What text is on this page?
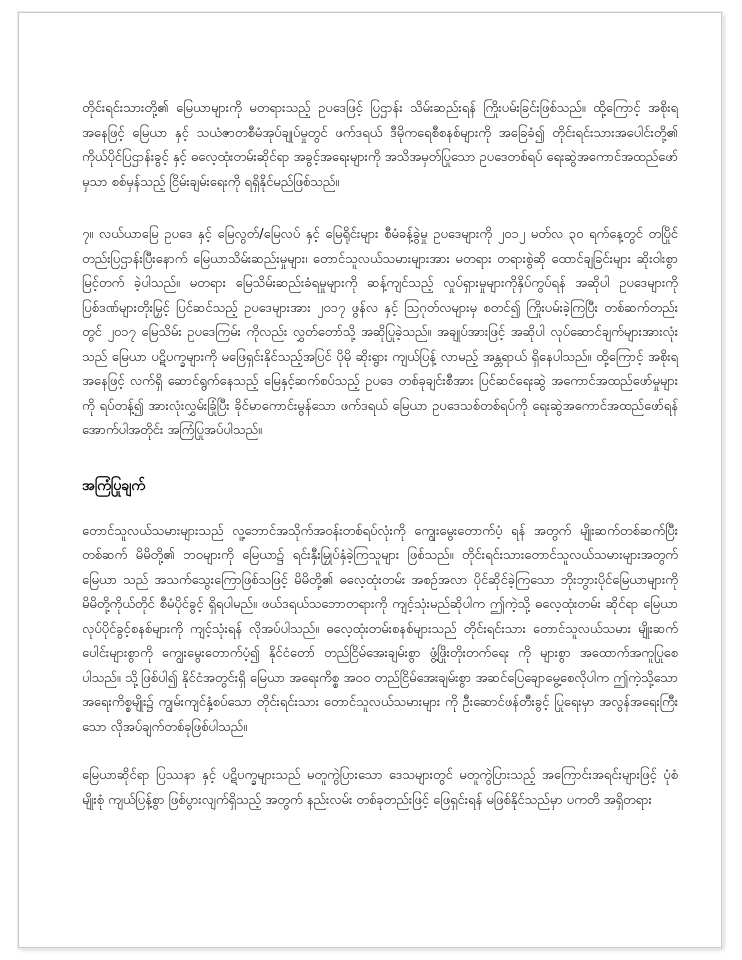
တိုင်းရင်းသားတို့၏ မြေယာများကို မတရားသည့် ဥပဒေဖြင့် ပြဌာန်း သိမ်းဆည်းရန် ကြိုးပမ်းခြင်းဖြစ်သည်။ ထို့ကြောင့် အစိုးရအနေဖြင့် မြေယာ နှင့် သယံဇာတစီမံအုပ်ချုပ်မှုတွင် ဖက်ဒရယ် ဒီမိုကရေစီစနစ်များကို အခြေခံ၍ တိုင်းရင်းသားအပေါင်းတို့၏ ကိုယ်ပိုင်ပြဌာန်းခွင့် နှင့် ဓလေ့ထုံးတမ်းဆိုင်ရာ အခွင့်အရေးများကို အသိအမှတ်ပြုသော ဥပဒေတစ်ရပ် ရေးဆွဲအကောင်အထည်ဖော်မှသာ စစ်မှန်သည့် ငြိမ်းချမ်းရေးကို ရရှိနိုင်မည်ဖြစ်သည်။

၇။ လယ်ယာမြေ ဥပဒေ နှင့် မြေလွတ်/မြေလပ် နှင့် မြေရိုင်းများ စီမံခန့်ခွဲမှု ဥပဒေများကို ၂၀၁၂ မတ်လ ၃၀ ရက်နေ့တွင် တပြိုင်တည်းပြဌာန်းပြီးနောက် မြေယာသိမ်းဆည်းမှုများ၊ တောင်သူလယ်သမားများအား မတရား တရားစွဲဆို ထောင်ချခြင်းများ ဆိုးဝါးစွာ မြင့်တက် ခဲ့ပါသည်။ မတရား မြေသိမ်းဆည်းခံရမှုများကို ဆန့်ကျင်သည့် လှုပ်ရှားမှုများကိုနှိပ်ကွပ်ရန် အဆိုပါ ဥပဒေများကို ပြစ်ဒဏ်များတိုးမြှင့် ပြင်ဆင်သည့် ဥပဒေများအား ၂၀၁၇ ဖွန်လ နှင့် သြဂုတ်လများမှ စတင်၍ ကြိုးပမ်းခဲ့ကြပြီး တစ်ဆက်တည်းတွင် ၂၀၁၇ မြေသိမ်း ဥပဒေကြမ်း ကိုလည်း လွှတ်တော်သို့ အဆိုပြုခဲ့သည်။ အချုပ်အားဖြင့် အဆိုပါ လုပ်ဆောင်ချက်များအားလုံးသည် မြေယာ ပဋိပက္ခများကို မဖြေရှင်းနိုင်သည့်အပြင် ပိုမို ဆိုးရွား ကျယ်ပြန့် လာမည့် အန္တရာယ် ရှိနေပါသည်။ ထို့ကြောင့် အစိုးရအနေဖြင့် လက်ရှိ ဆောင်ရွက်နေသည့် မြေနှင့်ဆက်စပ်သည့် ဥပဒေ တစ်ခုချင်းစီအား ပြင်ဆင်ရေးဆွဲ အကောင်အထည်ဖော်မှုများကို ရပ်တန့်၍ အားလုံးလွှမ်းခြုံပြီး ခိုင်မာကောင်းမွန်သော ဖက်ဒရယ် မြေယာ ဥပဒေသစ်တစ်ရပ်ကို ရေးဆွဲအကောင်အထည်ဖော်ရန် အောက်ပါအတိုင်း အကြံပြုအပ်ပါသည်။

အကြံပြုချက်

တောင်သူလယ်သမားများသည် လူ့ဘောင်အသိုက်အဝန်းတစ်ရပ်လုံးကို ကျွေးမွေးတောက်ပံ့ ရန် အတွက် မျိုးဆက်တစ်ဆက်ပြီး တစ်ဆက် မိမိတို့၏ ဘဝများကို မြေယာ၌ ရင်းနှီးမြှုပ်နှံခဲ့ကြသူများ ဖြစ်သည်။ တိုင်းရင်းသားတောင်သူလယ်သမားများအတွက် မြေယာ သည် အသက်သွေးကြောဖြစ်သဖြင့် မိမိတို့၏ ဓလေ့ထုံးတမ်း အစဉ်အလာ ပိုင်ဆိုင်ခဲ့ကြသော ဘိုးဘွားပိုင်မြေယာများကို မိမိတို့ကိုယ်တိုင် စီမံပိုင်ခွင့် ရှိရပါမည်။ ဖယ်ဒရယ်သဘောတရားကို ကျင့်သုံးမည်ဆိုပါက ဤကဲ့သို့ ဓလေ့ထုံးတမ်း ဆိုင်ရာ မြေယာလုပ်ပိုင်ခွင့်စနစ်များကို ကျင့်သုံးရန် လိုအပ်ပါသည်။ ဓလေ့ထုံးတမ်းစနစ်များသည် တိုင်းရင်းသား တောင်သူလယ်သမား မျိုးဆက်ပေါင်းများစွာကို ကျွေးမွေးတောက်ပံ့၍ နိုင်ငံတော် တည်ငြိမ်အေးချမ်းစွာ ဖွံ့ဖြိုးတိုးတက်ရေး ကို များစွာ အထောက်အကူပြုစေပါသည်။ သို့ဖြစ်ပါ၍ နိုင်ငံအတွင်းရှိ မြေယာ အရေးကိစ္စ အဝဝ တည်ငြိမ်အေးချမ်းစွာ အဆင်ပြေချောမွေ့စေလိုပါက ဤကဲ့သို့သော အရေးကိစ္စမျိုး၌ ကျွမ်းကျင်နှံ့စပ်သော တိုင်းရင်းသား တောင်သူလယ်သမားများ ကို ဦးဆောင်ဖန်တီးခွင့် ပြုရေးမှာ အလွန်အရေးကြီးသော လိုအပ်ချက်တစ်ခုဖြစ်ပါသည်။

မြေယာဆိုင်ရာ ပြဿနာ နှင့် ပဋိပက္ခများသည် မတူကွဲပြားသော ဒေသများတွင် မတူကွဲပြားသည့် အကြောင်းအရင်းများဖြင့် ပုံစံ မျိုးစုံ ကျယ်ပြန့်စွာ ဖြစ်ပွားလျက်ရှိသည့် အတွက် နည်းလမ်း တစ်ခုတည်းဖြင့် ဖြေရှင်းရန် မဖြစ်နိုင်သည်မှာ ပကတိ အရှိတရား
